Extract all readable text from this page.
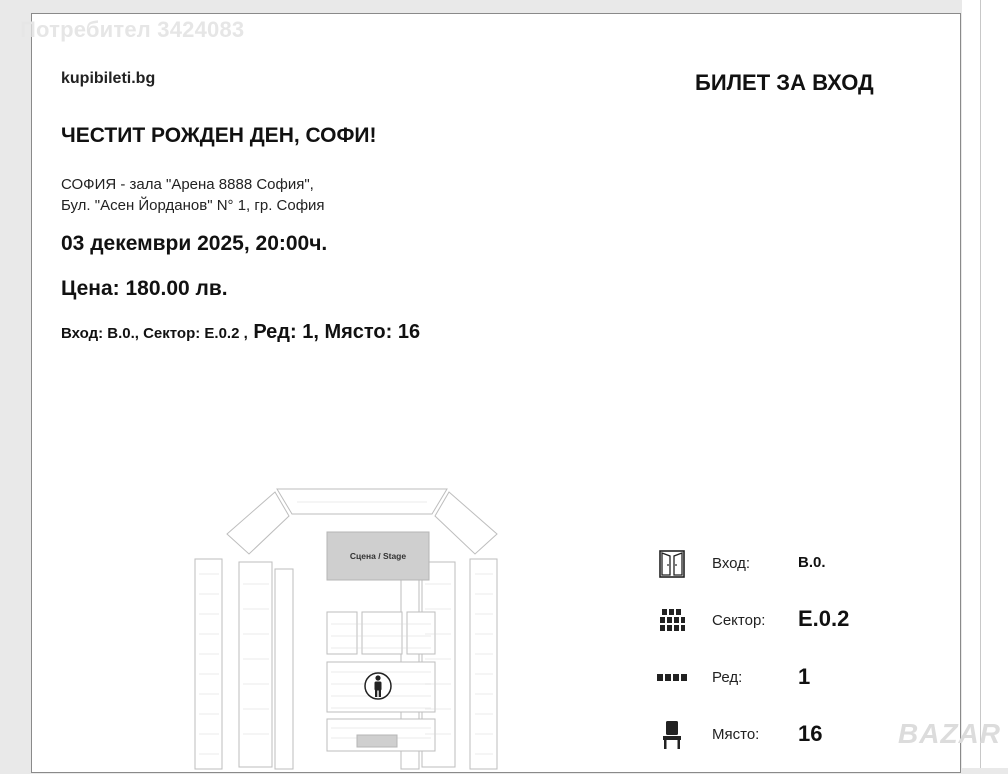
kupibileti.bg	БИЛЕТ ЗА ВХОД
ЧЕСТИТ РОЖДЕН ДЕН, СОФИ!
СОФИЯ - зала "Арена 8888 София",
Бул. "Асен Йорданов" N° 1, гр. София
03 декември 2025, 20:00ч.
Цена: 180.00 лв.
Вход: В.0., Сектор: Е.0.2 , Ред: 1, Място: 16
Сцена / Stage	Вход:	В.0.
Сектор: Е.0.2
Ред:	1
Място: 16
Потребител 3424083
BAZAR
